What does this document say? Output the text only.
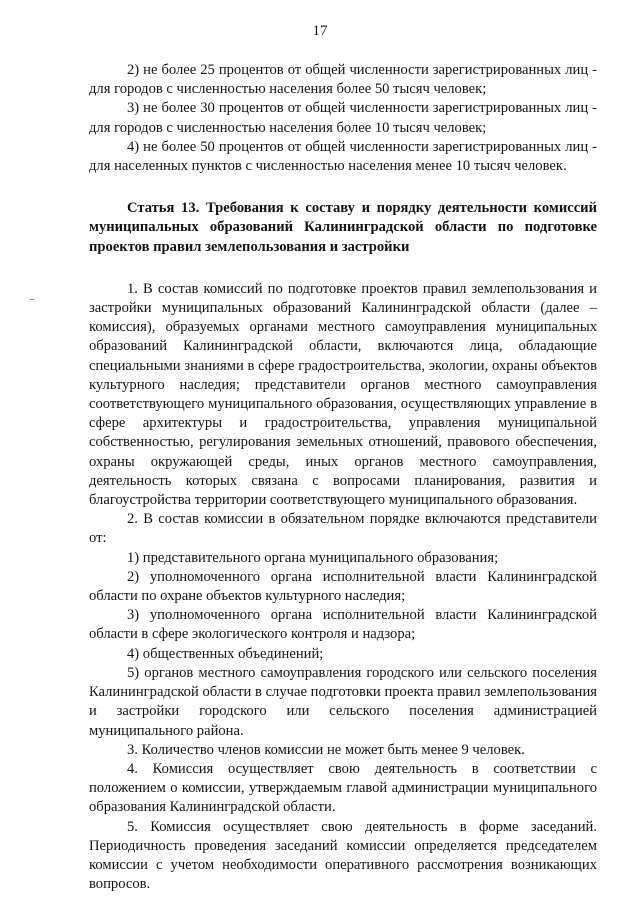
17

2) не более 25 процентов от общей численности зарегистрированных лиц - для городов с численностью населения более 50 тысяч человек;

3) не более 30 процентов от общей численности зарегистрированных лиц - для городов с численностью населения более 10 тысяч человек;

4) не более 50 процентов от общей численности зарегистрированных лиц - для населенных пунктов с численностью населения менее 10 тысяч человек.

Статья 13. Требования к составу и порядку деятельности комиссий муниципальных образований Калининградской области по подготовке проектов правил землепользования и застройки

1. В состав комиссий по подготовке проектов правил землепользования и застройки муниципальных образований Калининградской области (далее – комиссия), образуемых органами местного самоуправления муниципальных образований Калининградской области, включаются лица, обладающие специальными знаниями в сфере градостроительства, экологии, охраны объектов культурного наследия; представители органов местного самоуправления соответствующего муниципального образования, осуществляющих управление в сфере архитектуры и градостроительства, управления муниципальной собственностью, регулирования земельных отношений, правового обеспечения, охраны окружающей среды, иных органов местного самоуправления, деятельность которых связана с вопросами планирования, развития и благоустройства территории соответствующего муниципального образования.

2. В состав комиссии в обязательном порядке включаются представители от:

1) представительного органа муниципального образования;

2) уполномоченного органа исполнительной власти Калининградской области по охране объектов культурного наследия;

3) уполномоченного органа исполнительной власти Калининградской области в сфере экологического контроля и надзора;

4) общественных объединений;

5) органов местного самоуправления городского или сельского поселения Калининградской области в случае подготовки проекта правил землепользования и застройки городского или сельского поселения администрацией муниципального района.

3. Количество членов комиссии не может быть менее 9 человек.

4. Комиссия осуществляет свою деятельность в соответствии с положением о комиссии, утверждаемым главой администрации муниципального образования Калининградской области.

5. Комиссия осуществляет свою деятельность в форме заседаний. Периодичность проведения заседаний комиссии определяется председателем комиссии с учетом необходимости оперативного рассмотрения возникающих вопросов.
